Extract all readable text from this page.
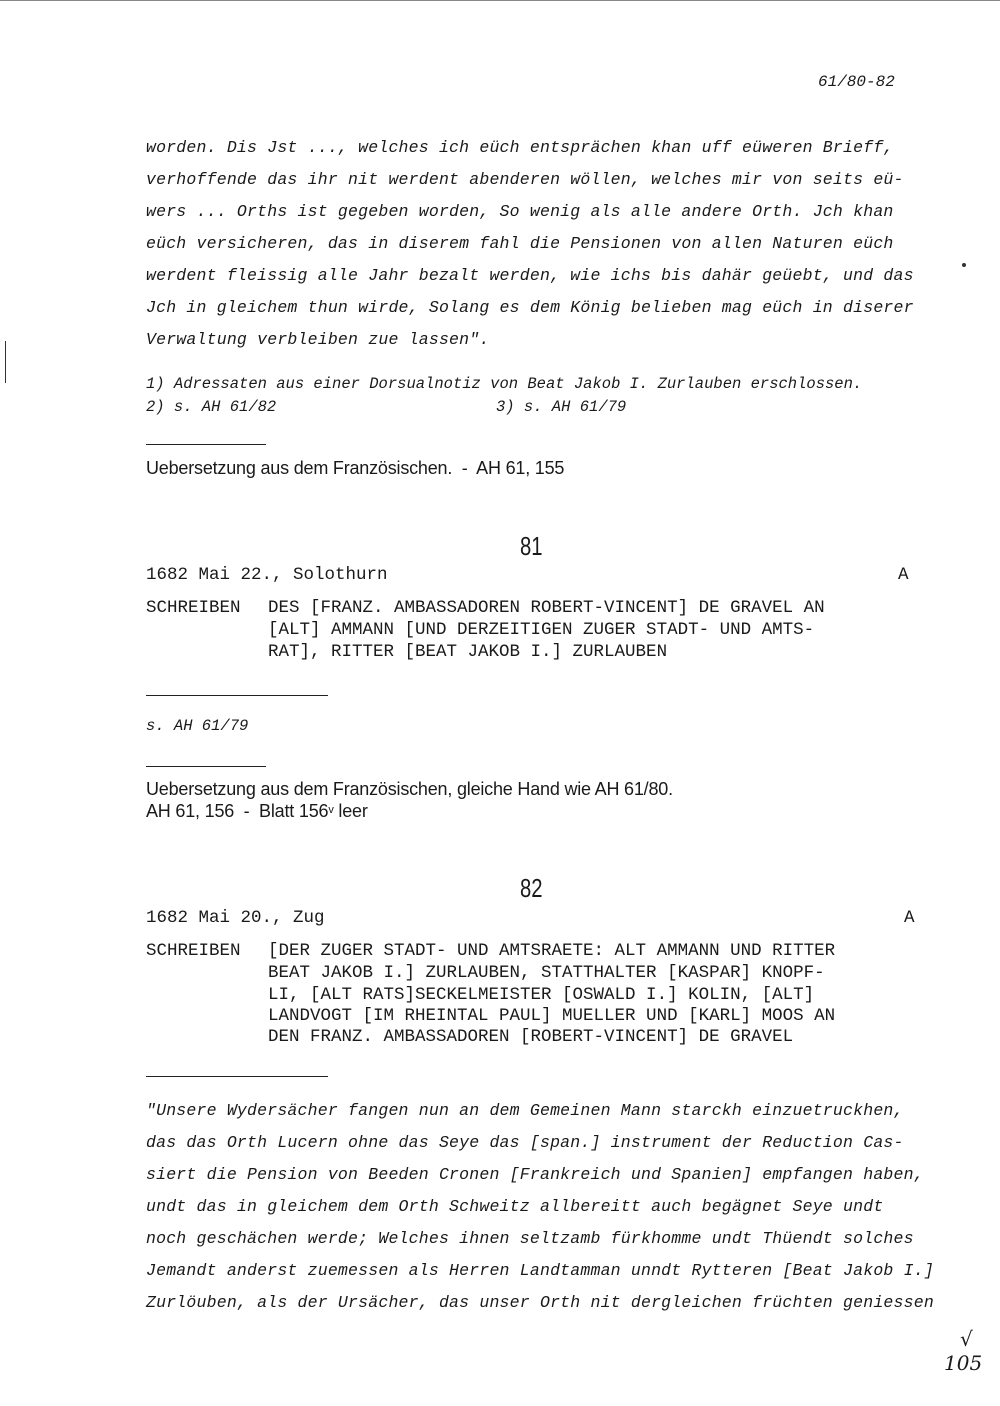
61/80-82
worden. Dis Jst ..., welches ich eüch entsprächen khan uff eüweren Brieff,
verhoffende das ihr nit werdent abenderen wöllen, welches mir von seits eü-
wers ... Orths ist gegeben worden, So wenig als alle andere Orth. Jch khan
eüch versicheren, das in diserem fahl die Pensionen von allen Naturen eüch
werdent fleissig alle Jahr bezalt werden, wie ichs bis dahär geüebt, und das
Jch in gleichem thun wirde, Solang es dem König belieben mag eüch in diserer
Verwaltung verbleiben zue lassen".
1) Adressaten aus einer Dorsualnotiz von Beat Jakob I. Zurlauben erschlossen.
2) s. AH 61/82	3) s. AH 61/79
Uebersetzung aus dem Französischen.  -  AH 61, 155
81
1682 Mai 22., Solothurn	A
SCHREIBEN DES [FRANZ. AMBASSADOREN ROBERT-VINCENT] DE GRAVEL AN
[ALT] AMMANN [UND DERZEITIGEN ZUGER STADT- UND AMTS-
RAT], RITTER [BEAT JAKOB I.] ZURLAUBEN
s. AH 61/79
Uebersetzung aus dem Französischen, gleiche Hand wie AH 61/80.
AH 61, 156  -  Blatt 156$^v$ leer
82
1682 Mai 20., Zug	A
SCHREIBEN [DER ZUGER STADT- UND AMTSRAETE: ALT AMMANN UND RITTER
BEAT JAKOB I.] ZURLAUBEN, STATTHALTER [KASPAR] KNOPF-
LI, [ALT RATS]SECKELMEISTER [OSWALD I.] KOLIN, [ALT]
LANDVOGT [IM RHEINTAL PAUL] MUELLER UND [KARL] MOOS AN
DEN FRANZ. AMBASSADOREN [ROBERT-VINCENT] DE GRAVEL
"Unsere Wydersächer fangen nun an dem Gemeinen Mann starckh einzuetruckhen,
das das Orth Lucern ohne das Seye das [span.] instrument der Reduction Cas-
siert die Pension von Beeden Cronen [Frankreich und Spanien] empfangen haben,
undt das in gleichem dem Orth Schweitz allbereitt auch begägnet Seye undt
noch geschächen werde; Welches ihnen seltzamb fürkhomme undt Thüendt solches
Jemandt anderst zuemessen als Herren Landtamman unndt Rytteren [Beat Jakob I.]
Zurlöuben, als der Ursächer, das unser Orth nit dergleichen früchten geniessen
√
105
